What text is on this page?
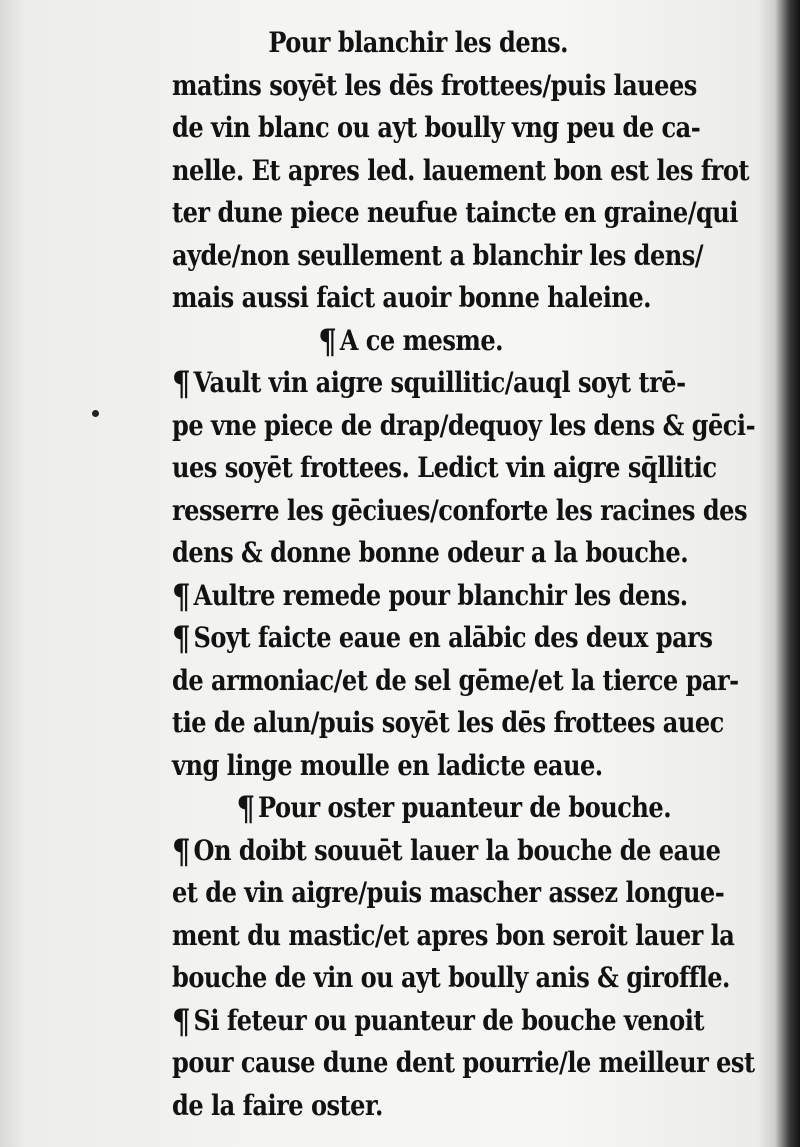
Pour blanchir les dens.
matins soyēt les dēs frottees/puis lauees
de vin blanc ou ayt boully vng peu de ca-
nelle. Et apres led. lauement bon est les frot
ter dune piece neufue taincte en graine/qui
ayde/non seullement a blanchir les dens/
mais aussi faict auoir bonne haleine.
¶ A ce mesme.
¶ Vault vin aigre squillitic/auql soyt trē-
pe vne piece de drap/dequoy les dens & gēci-
ues soyēt frottees. Ledict vin aigre sq̄llitic
resserre les gēciues/conforte les racines des
dens & donne bonne odeur a la bouche.
¶ Aultre remede pour blanchir les dens.
¶ Soyt faicte eaue en alābic des deux pars
de armoniac/et de sel gēme/et la tierce par-
tie de alun/puis soyēt les dēs frottees auec
vng linge moulle en ladicte eaue.
¶ Pour oster puanteur de bouche.
¶ On doibt souuēt lauer la bouche de eaue
et de vin aigre/puis mascher assez longue-
ment du mastic/et apres bon seroit lauer la
bouche de vin ou ayt boully anis & giroffle.
¶ Si feteur ou puanteur de bouche venoit
pour cause dune dent pourrie/le meilleur est
de la faire oster.
